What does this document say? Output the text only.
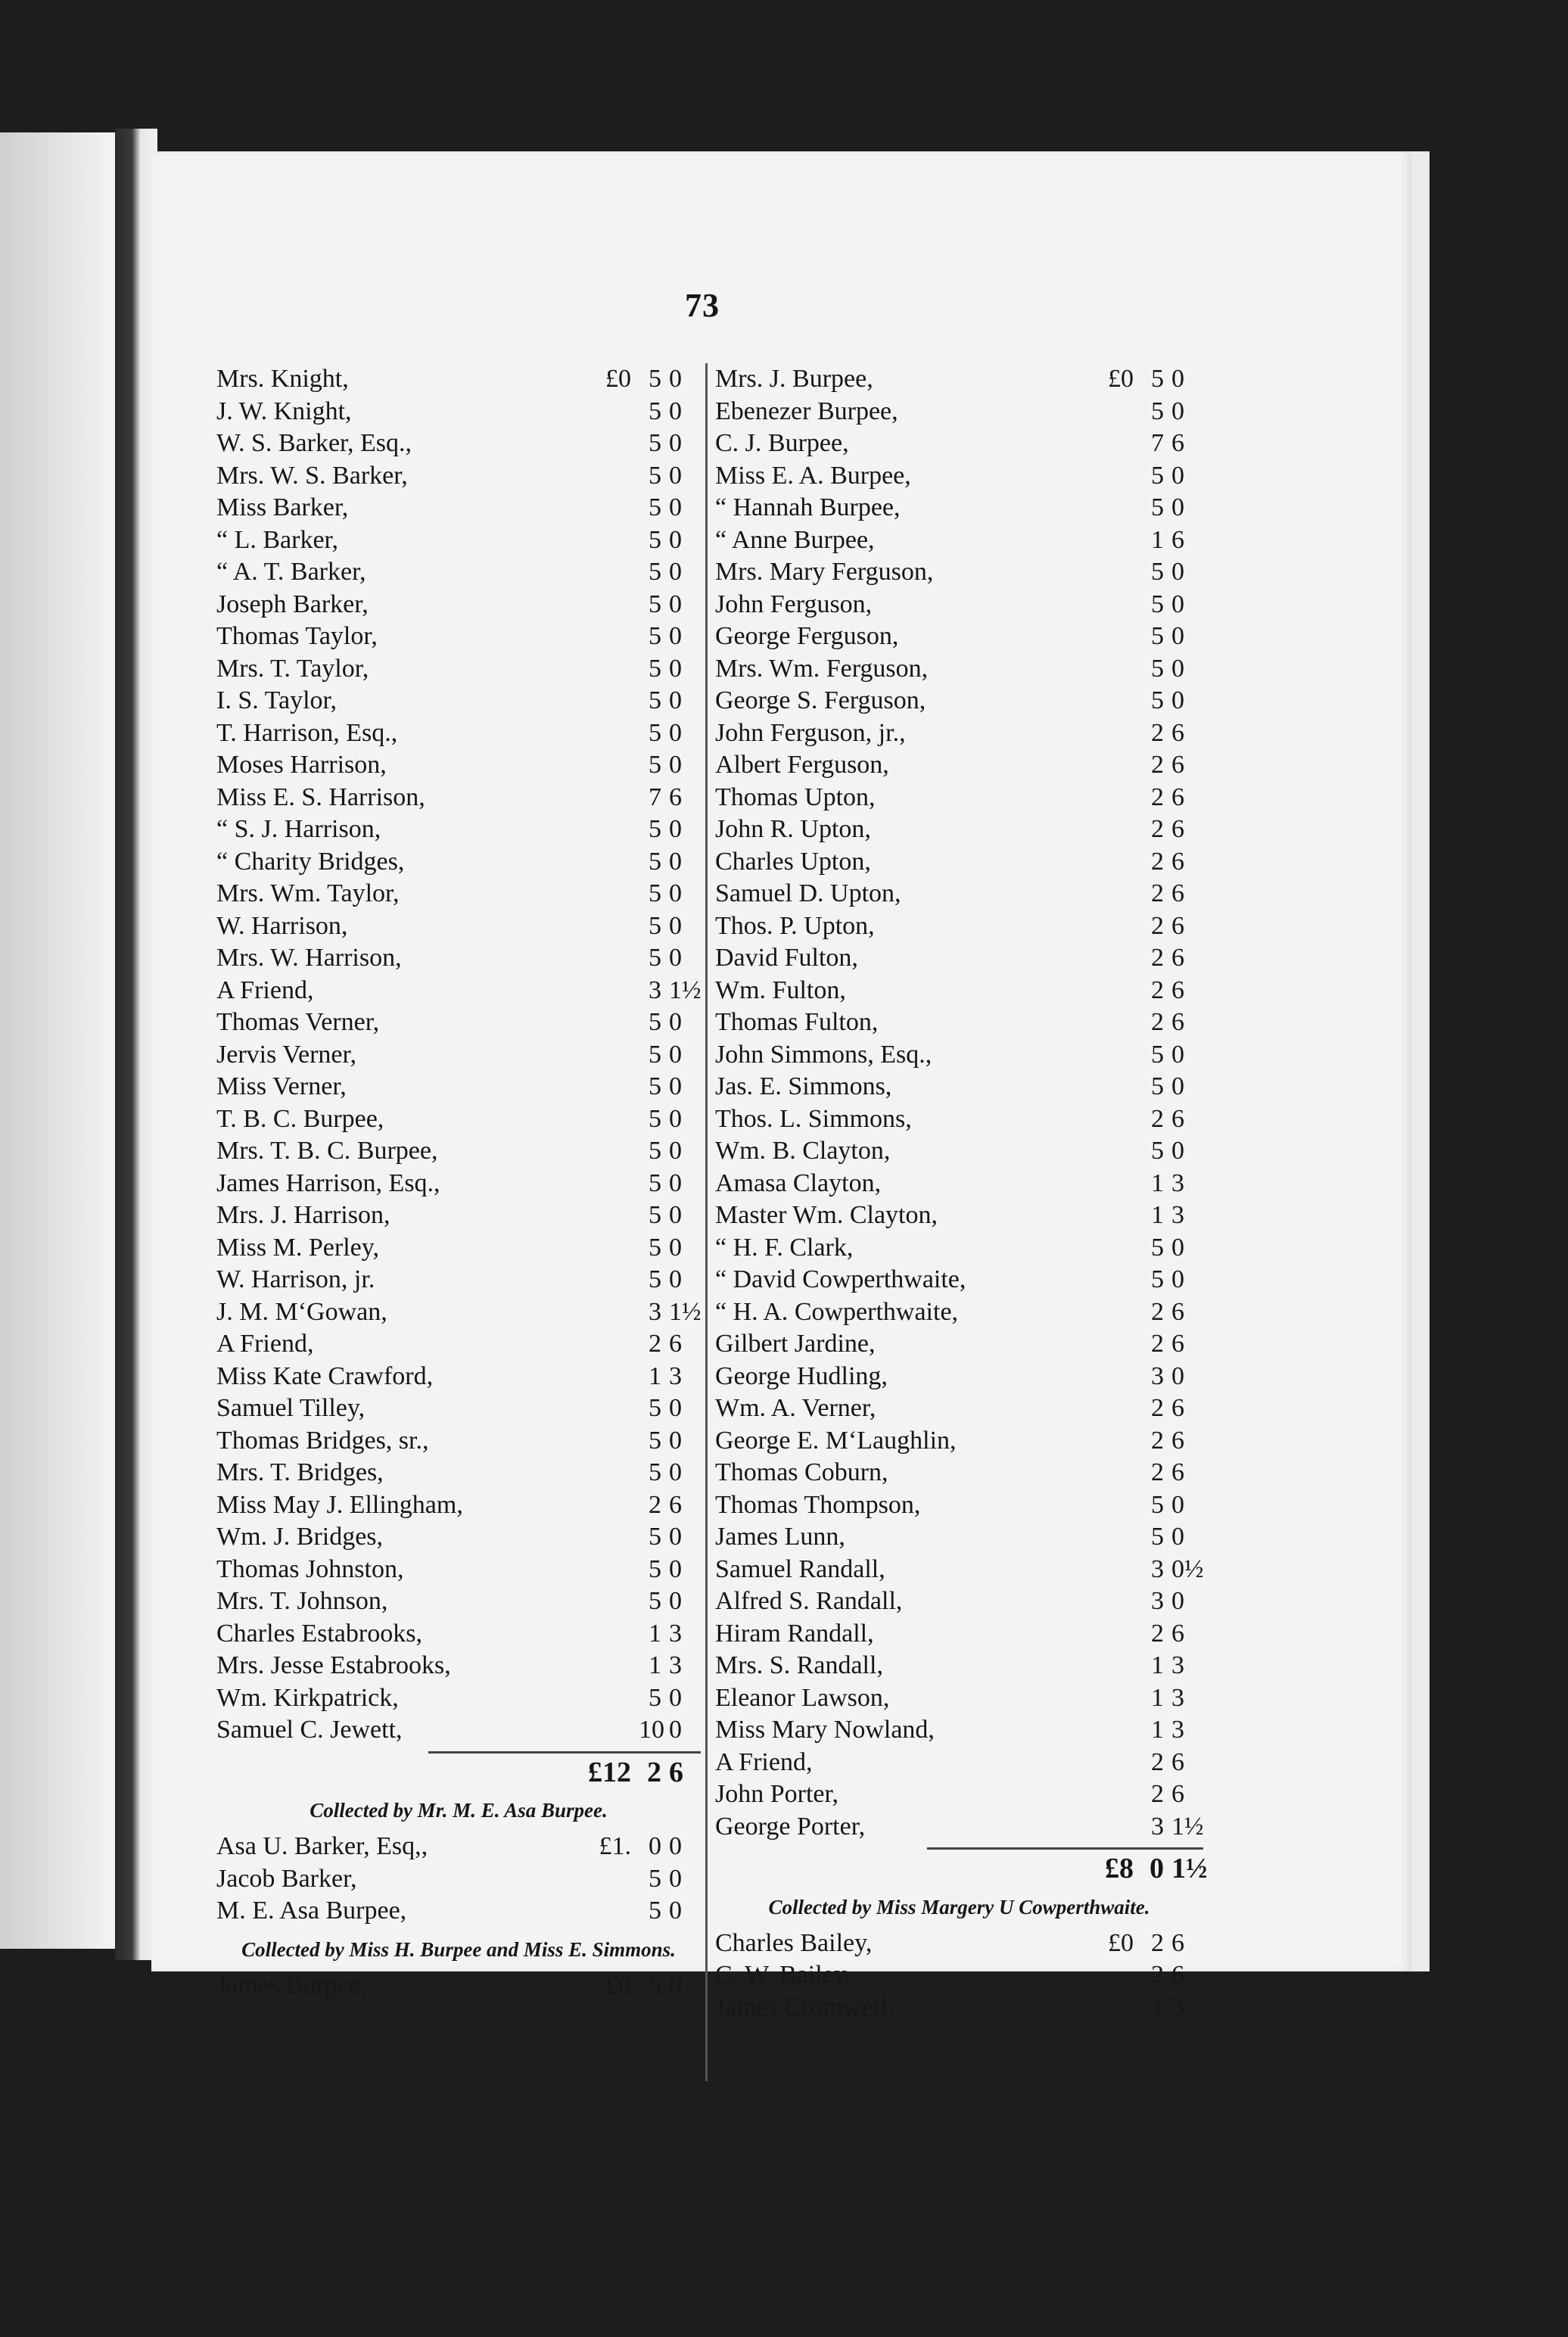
73
Mrs. Knight,	£0 5 0
J. W. Knight,	5 0
W. S. Barker, Esq.,	5 0
Mrs. W. S. Barker,	5 0
Miss Barker,	5 0
“ L. Barker,	5 0
“ A. T. Barker,	5 0
Joseph Barker,	5 0
Thomas Taylor,	5 0
Mrs. T. Taylor,	5 0
I. S. Taylor,	5 0
T. Harrison, Esq.,	5 0
Moses Harrison,	5 0
Miss E. S. Harrison,	7 6
“ S. J. Harrison,	5 0
“ Charity Bridges,	5 0
Mrs. Wm. Taylor,	5 0
W. Harrison,	5 0
Mrs. W. Harrison,	5 0
A Friend,	3 1½
Thomas Verner,	5 0
Jervis Verner,	5 0
Miss Verner,	5 0
T. B. C. Burpee,	5 0
Mrs. T. B. C. Burpee,	5 0
James Harrison, Esq.,	5 0
Mrs. J. Harrison,	5 0
Miss M. Perley,	5 0
W. Harrison, jr.	5 0
J. M. M‘Gowan,	3 1½
A Friend,	2 6
Miss Kate Crawford,	1 3
Samuel Tilley,	5 0
Thomas Bridges, sr.,	5 0
Mrs. T. Bridges,	5 0
Miss May J. Ellingham,	2 6
Wm. J. Bridges,	5 0
Thomas Johnston,	5 0
Mrs. T. Johnson,	5 0
Charles Estabrooks,	1 3
Mrs. Jesse Estabrooks,	1 3
Wm. Kirkpatrick,	5 0
Samuel C. Jewett,	10 0
£12 2 6
Collected by Mr. M. E. Asa Burpee.
Asa U. Barker, Esq,,	£1. 0 0
Jacob Barker,	5 0
M. E. Asa Burpee,	5 0
Collected by Miss H. Burpee and Miss E. Simmons.
James Burpee,	£0 5 0
Mrs. J. Burpee,	£0 5 0
Ebenezer Burpee,	5 0
C. J. Burpee,	7 6
Miss E. A. Burpee,	5 0
“ Hannah Burpee,	5 0
“ Anne Burpee,	1 6
Mrs. Mary Ferguson,	5 0
John Ferguson,	5 0
George Ferguson,	5 0
Mrs. Wm. Ferguson,	5 0
George S. Ferguson,	5 0
John Ferguson, jr.,	2 6
Albert Ferguson,	2 6
Thomas Upton,	2 6
John R. Upton,	2 6
Charles Upton,	2 6
Samuel D. Upton,	2 6
Thos. P. Upton,	2 6
David Fulton,	2 6
Wm. Fulton,	2 6
Thomas Fulton,	2 6
John Simmons, Esq.,	5 0
Jas. E. Simmons,	5 0
Thos. L. Simmons,	2 6
Wm. B. Clayton,	5 0
Amasa Clayton,	1 3
Master Wm. Clayton,	1 3
“ H. F. Clark,	5 0
“ David Cowperthwaite,	5 0
“ H. A. Cowperthwaite,	2 6
Gilbert Jardine,	2 6
George Hudling,	3 0
Wm. A. Verner,	2 6
George E. M‘Laughlin,	2 6
Thomas Coburn,	2 6
Thomas Thompson,	5 0
James Lunn,	5 0
Samuel Randall,	3 0½
Alfred S. Randall,	3 0
Hiram Randall,	2 6
Mrs. S. Randall,	1 3
Eleanor Lawson,	1 3
Miss Mary Nowland,	1 3
A Friend,	2 6
John Porter,	2 6
George Porter,	3 1½
£8 0 1½
Collected by Miss Margery U Cowperthwaite.
Charles Bailey,	£0 2 6
C. W. Bailey,	2 6
James Cromwell,	1 3
